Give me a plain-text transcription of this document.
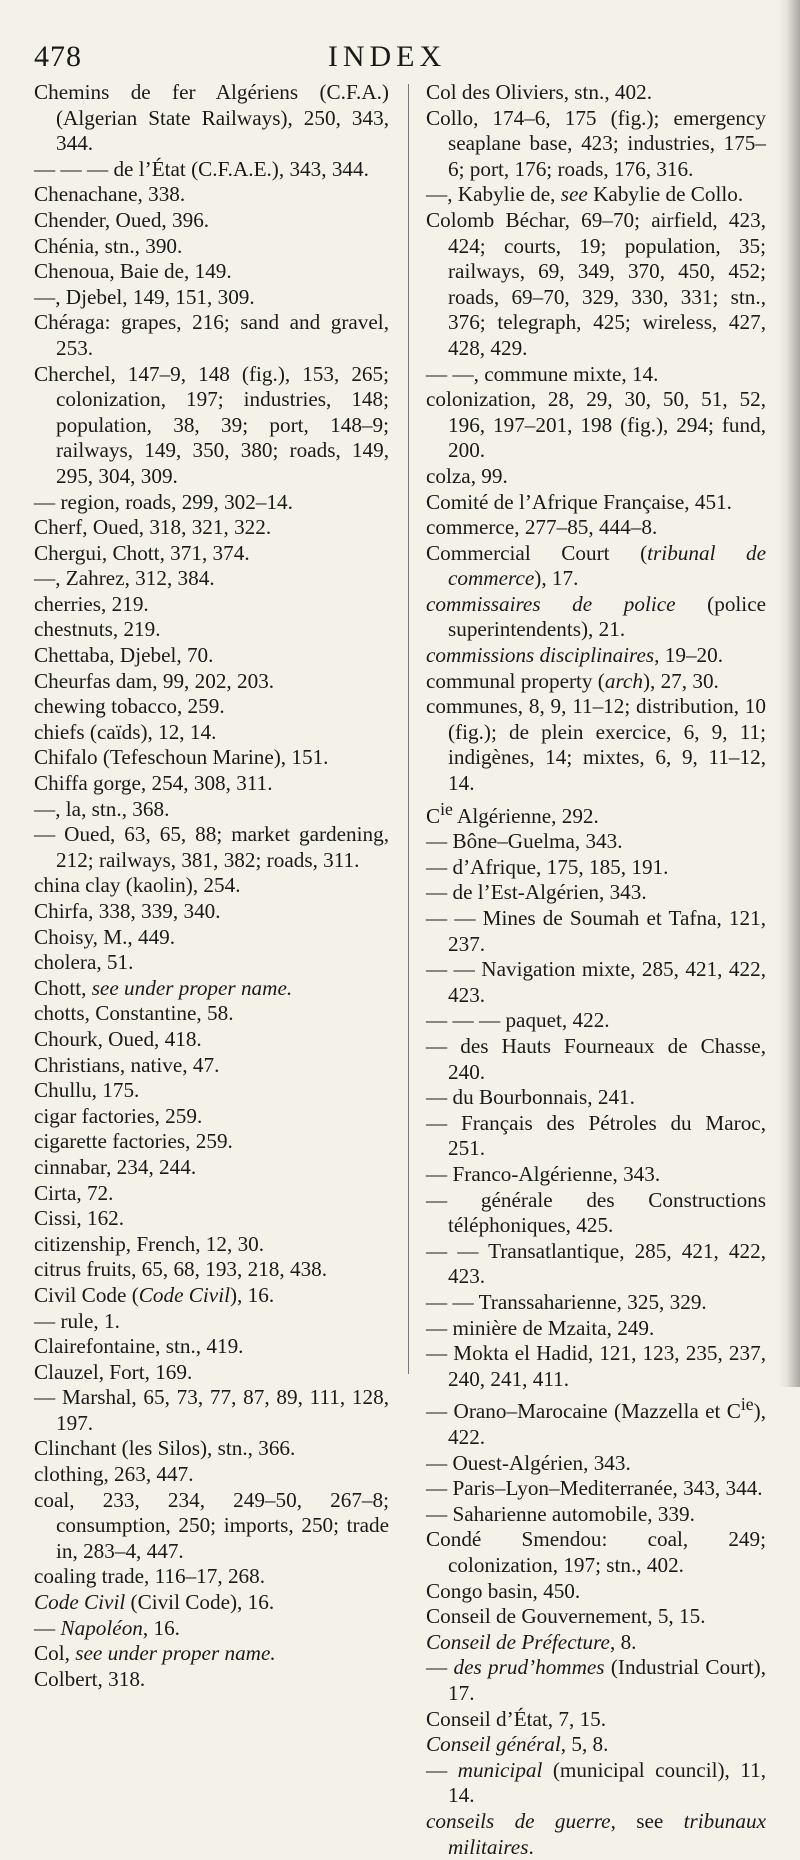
478	INDEX

Chemins de fer Algériens (C.F.A.) (Algerian State Railways), 250, 343, 344.

— — — de l’État (C.F.A.E.), 343, 344.

Chenachane, 338.

Chender, Oued, 396.

Chénia, stn., 390.

Chenoua, Baie de, 149.

—, Djebel, 149, 151, 309.

Chéraga: grapes, 216; sand and gravel, 253.

Cherchel, 147–9, 148 (fig.), 153, 265; colonization, 197; industries, 148; population, 38, 39; port, 148–9; railways, 149, 350, 380; roads, 149, 295, 304, 309.

— region, roads, 299, 302–14.

Cherf, Oued, 318, 321, 322.

Chergui, Chott, 371, 374.

—, Zahrez, 312, 384.

cherries, 219.

chestnuts, 219.

Chettaba, Djebel, 70.

Cheurfas dam, 99, 202, 203.

chewing tobacco, 259.

chiefs (caïds), 12, 14.

Chifalo (Tefeschoun Marine), 151.

Chiffa gorge, 254, 308, 311.

—, la, stn., 368.

— Oued, 63, 65, 88; market gardening, 212; railways, 381, 382; roads, 311.

china clay (kaolin), 254.

Chirfa, 338, 339, 340.

Choisy, M., 449.

cholera, 51.

Chott, see under proper name.

chotts, Constantine, 58.

Chourk, Oued, 418.

Christians, native, 47.

Chullu, 175.

cigar factories, 259.

cigarette factories, 259.

cinnabar, 234, 244.

Cirta, 72.

Cissi, 162.

citizenship, French, 12, 30.

citrus fruits, 65, 68, 193, 218, 438.

Civil Code (Code Civil), 16.

— rule, 1.

Clairefontaine, stn., 419.

Clauzel, Fort, 169.

— Marshal, 65, 73, 77, 87, 89, 111, 128, 197.

Clinchant (les Silos), stn., 366.

clothing, 263, 447.

coal, 233, 234, 249–50, 267–8; consumption, 250; imports, 250; trade in, 283–4, 447.

coaling trade, 116–17, 268.

Code Civil (Civil Code), 16.

— Napoléon, 16.

Col, see under proper name.

Colbert, 318.

Col des Oliviers, stn., 402.

Collo, 174–6, 175 (fig.); emergency seaplane base, 423; industries, 175–6; port, 176; roads, 176, 316.

—, Kabylie de, see Kabylie de Collo.

Colomb Béchar, 69–70; airfield, 423, 424; courts, 19; population, 35; railways, 69, 349, 370, 450, 452; roads, 69–70, 329, 330, 331; stn., 376; telegraph, 425; wireless, 427, 428, 429.

— —, commune mixte, 14.

colonization, 28, 29, 30, 50, 51, 52, 196, 197–201, 198 (fig.), 294; fund, 200.

colza, 99.

Comité de l’Afrique Française, 451.

commerce, 277–85, 444–8.

Commercial Court (tribunal de commerce), 17.

commissaires de police (police superintendents), 21.

commissions disciplinaires, 19–20.

communal property (arch), 27, 30.

communes, 8, 9, 11–12; distribution, 10 (fig.); de plein exercice, 6, 9, 11; indigènes, 14; mixtes, 6, 9, 11–12, 14.

$C^{ie}$ Algérienne, 292.

— Bône–Guelma, 343.

— d’Afrique, 175, 185, 191.

— de l’Est-Algérien, 343.

— — Mines de Soumah et Tafna, 121, 237.

— — Navigation mixte, 285, 421, 422, 423.

— — — paquet, 422.

— des Hauts Fourneaux de Chasse, 240.

— du Bourbonnais, 241.

— Français des Pétroles du Maroc, 251.

— Franco-Algérienne, 343.

— générale des Constructions téléphoniques, 425.

— — Transatlantique, 285, 421, 422, 423.

— — Transsaharienne, 325, 329.

— minière de Mzaita, 249.

— Mokta el Hadid, 121, 123, 235, 237, 240, 241, 411.

— Orano–Marocaine (Mazzella et $C^{ie}$), 422.

— Ouest-Algérien, 343.

— Paris–Lyon–Mediterranée, 343, 344.

— Saharienne automobile, 339.

Condé Smendou: coal, 249; colonization, 197; stn., 402.

Congo basin, 450.

Conseil de Gouvernement, 5, 15.

Conseil de Préfecture, 8.

— des prud’hommes (Industrial Court), 17.

Conseil d’État, 7, 15.

Conseil général, 5, 8.

— municipal (municipal council), 11, 14.

conseils de guerre, see tribunaux militaires.
